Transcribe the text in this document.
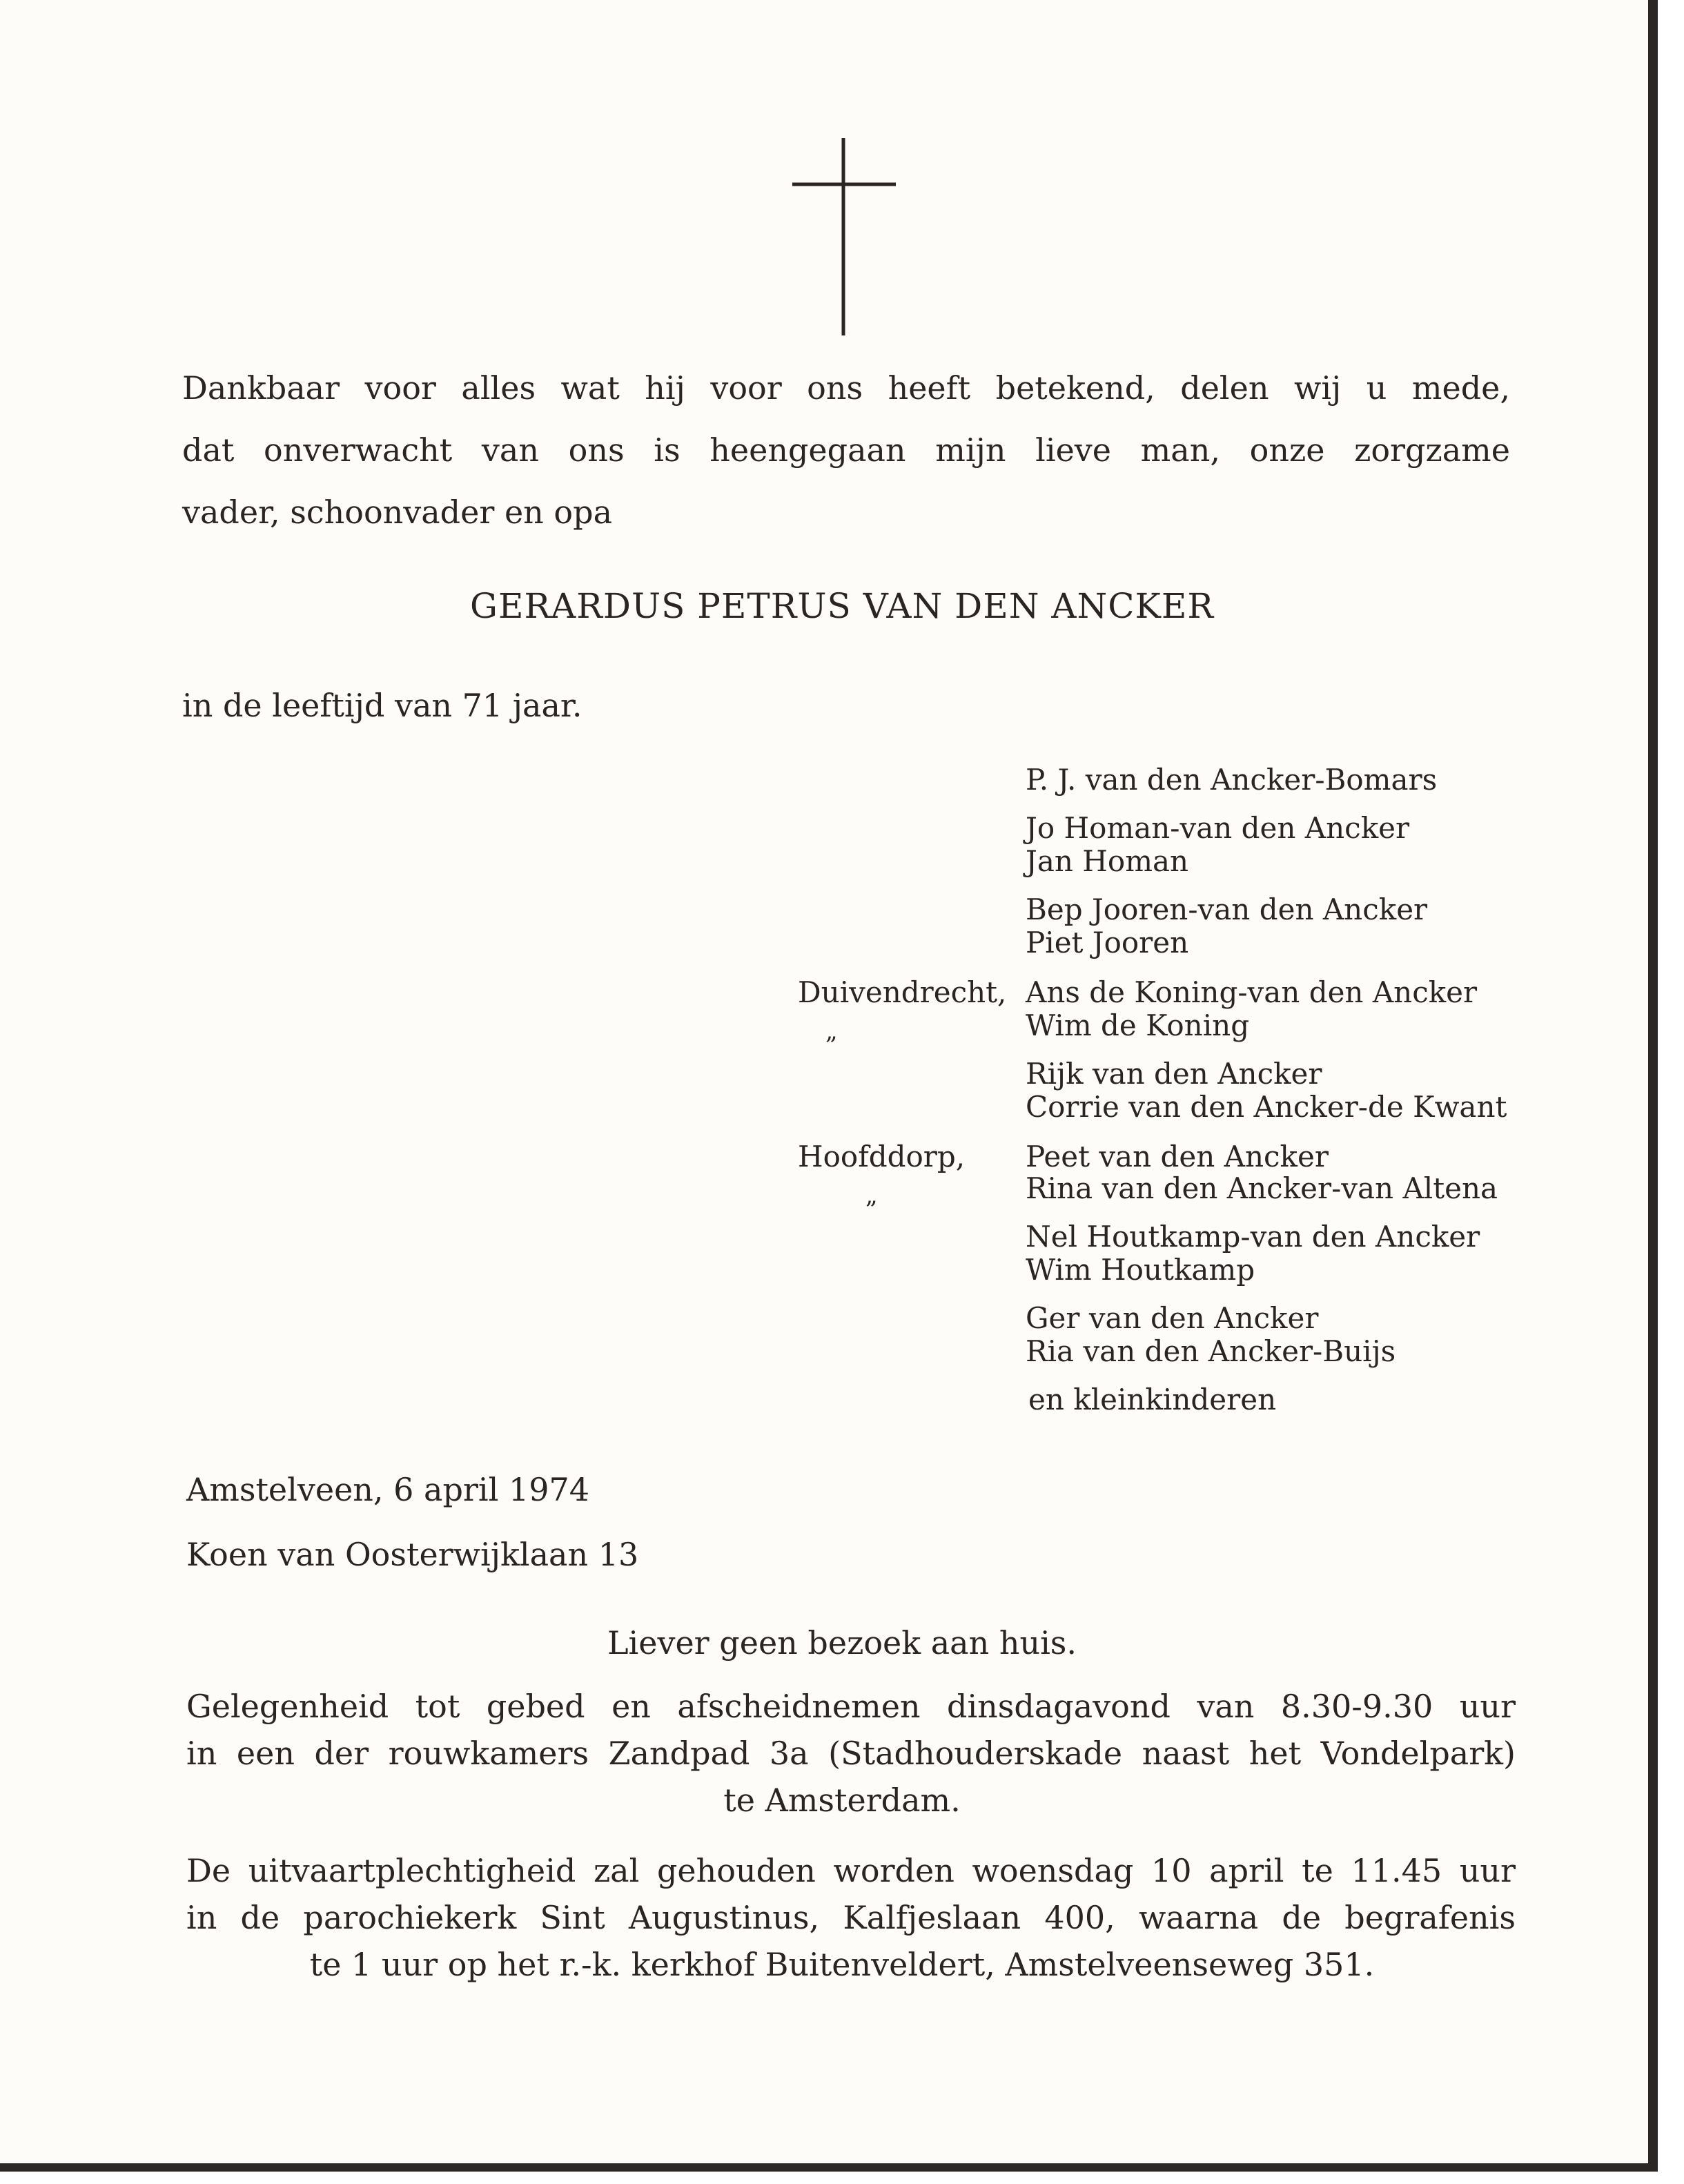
Dankbaar voor alles wat hij voor ons heeft betekend, delen wij u mede,
dat onverwacht van ons is heengegaan mijn lieve man, onze zorgzame
vader, schoonvader en opa
GERARDUS PETRUS VAN DEN ANCKER
in de leeftijd van 71 jaar.
Duivendrecht,
„
Hoofddorp,
„
P. J. van den Ancker-Bomars
Jo Homan-van den Ancker
Jan Homan
Bep Jooren-van den Ancker
Piet Jooren
Ans de Koning-van den Ancker
Wim de Koning
Rijk van den Ancker
Corrie van den Ancker-de Kwant
Peet van den Ancker
Rina van den Ancker-van Altena
Nel Houtkamp-van den Ancker
Wim Houtkamp
Ger van den Ancker
Ria van den Ancker-Buijs
en kleinkinderen
Amstelveen, 6 april 1974
Koen van Oosterwijklaan 13
Liever geen bezoek aan huis.
Gelegenheid tot gebed en afscheidnemen dinsdagavond van 8.30-9.30 uur
in een der rouwkamers Zandpad 3a (Stadhouderskade naast het Vondelpark)
te Amsterdam.
De uitvaartplechtigheid zal gehouden worden woensdag 10 april te 11.45 uur
in de parochiekerk Sint Augustinus, Kalfjeslaan 400, waarna de begrafenis
te 1 uur op het r.-k. kerkhof Buitenveldert, Amstelveenseweg 351.
